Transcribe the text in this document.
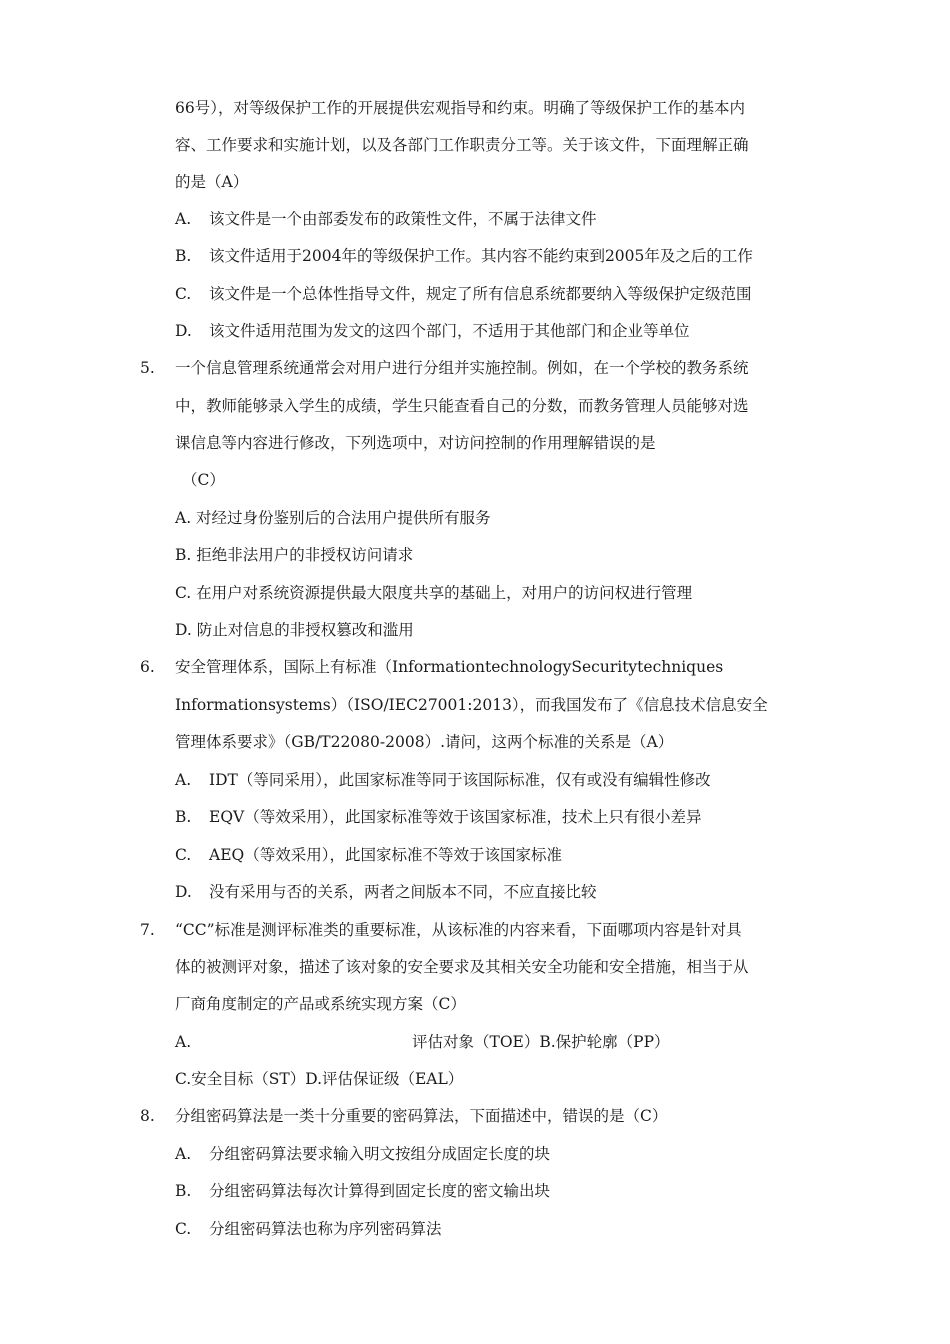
66号），对等级保护工作的开展提供宏观指导和约束。明确了等级保护工作的基本内
容、工作要求和实施计划，以及各部门工作职责分工等。关于该文件，下面理解正确
的是（A）
A. 该文件是一个由部委发布的政策性文件，不属于法律文件
B. 该文件适用于2004年的等级保护工作。其内容不能约束到2005年及之后的工作
C. 该文件是一个总体性指导文件，规定了所有信息系统都要纳入等级保护定级范围
D. 该文件适用范围为发文的这四个部门，不适用于其他部门和企业等单位
5. 一个信息管理系统通常会对用户进行分组并实施控制。例如，在一个学校的教务系统
中，教师能够录入学生的成绩，学生只能查看自己的分数，而教务管理人员能够对选
课信息等内容进行修改，下列选项中，对访问控制的作用理解错误的是
（C）
A. 对经过身份鉴别后的合法用户提供所有服务
B. 拒绝非法用户的非授权访问请求
C. 在用户对系统资源提供最大限度共享的基础上，对用户的访问权进行管理
D. 防止对信息的非授权篡改和滥用
6. 安全管理体系，国际上有标准（InformationtechnologySecuritytechniques
Informationsystems）（ISO/IEC27001:2013），而我国发布了《信息技术信息安全
管理体系要求》（GB/T22080-2008）.请问，这两个标准的关系是（A）
A. IDT（等同采用），此国家标准等同于该国际标准，仅有或没有编辑性修改
B. EQV（等效采用），此国家标准等效于该国家标准，技术上只有很小差异
C. AEQ（等效采用），此国家标准不等效于该国家标准
D. 没有采用与否的关系，两者之间版本不同，不应直接比较
7. “CC”标准是测评标准类的重要标准，从该标准的内容来看，下面哪项内容是针对具
体的被测评对象，描述了该对象的安全要求及其相关安全功能和安全措施，相当于从
厂商角度制定的产品或系统实现方案（C）
A.	评估对象（TOE）B.保护轮廓（PP）
C.安全目标（ST）D.评估保证级（EAL）
8. 分组密码算法是一类十分重要的密码算法，下面描述中，错误的是（C）
A. 分组密码算法要求输入明文按组分成固定长度的块
B. 分组密码算法每次计算得到固定长度的密文输出块
C. 分组密码算法也称为序列密码算法
